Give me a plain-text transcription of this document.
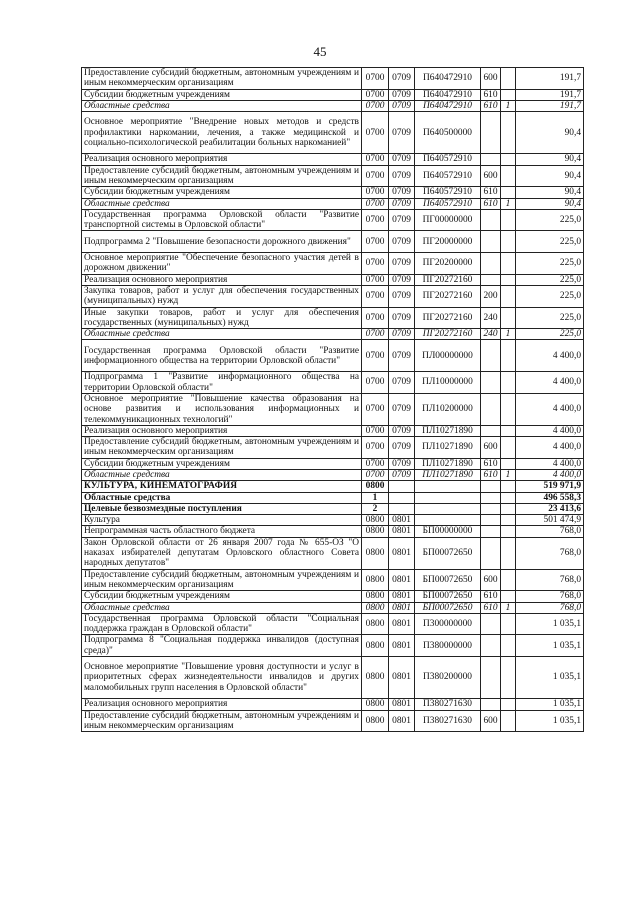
45
Предоставление субсидий бюджетным, автономным учреждениям и иным некоммерческим организациям	0700	0709	П640472910	600		191,7
Субсидии бюджетным учреждениям	0700	0709	П640472910	610		191,7
Областные средства	0700	0709	П640472910	610	1	191,7
Основное мероприятие "Внедрение новых методов и средств профилактики наркомании, лечения, а также медицинской и социально-психологической реабилитации больных наркоманией"	0700	0709	П640500000			90,4
Реализация основного мероприятия	0700	0709	П640572910			90,4
Предоставление субсидий бюджетным, автономным учреждениям и иным некоммерческим организациям	0700	0709	П640572910	600		90,4
Субсидии бюджетным учреждениям	0700	0709	П640572910	610		90,4
Областные средства	0700	0709	П640572910	610	1	90,4
Государственная программа Орловской области "Развитие транспортной системы в Орловской области"	0700	0709	ПГ00000000			225,0
Подпрограмма 2 "Повышение безопасности дорожного движения"	0700	0709	ПГ20000000			225,0
Основное мероприятие "Обеспечение безопасного участия детей в дорожном движении"	0700	0709	ПГ20200000			225,0
Реализация основного мероприятия	0700	0709	ПГ20272160			225,0
Закупка товаров, работ и услуг для обеспечения государственных (муниципальных) нужд	0700	0709	ПГ20272160	200		225,0
Иные закупки товаров, работ и услуг для обеспечения государственных (муниципальных) нужд	0700	0709	ПГ20272160	240		225,0
Областные средства	0700	0709	ПГ20272160	240	1	225,0
Государственная программа Орловской области "Развитие информационного общества на территории Орловской области"	0700	0709	ПЛ00000000			4 400,0
Подпрограмма 1 "Развитие информационного общества на территории Орловской области"	0700	0709	ПЛ10000000			4 400,0
Основное мероприятие "Повышение качества образования на основе развития и использования информационных и телекоммуникационных технологий"	0700	0709	ПЛ10200000			4 400,0
Реализация основного мероприятия	0700	0709	ПЛ10271890			4 400,0
Предоставление субсидий бюджетным, автономным учреждениям и иным некоммерческим организациям	0700	0709	ПЛ10271890	600		4 400,0
Субсидии бюджетным учреждениям	0700	0709	ПЛ10271890	610		4 400,0
Областные средства	0700	0709	ПЛ10271890	610	1	4 400,0
КУЛЬТУРА, КИНЕМАТОГРАФИЯ	0800					519 971,9
Областные средства	1					496 558,3
Целевые безвозмездные поступления	2					23 413,6
Культура	0800	0801				501 474,9
Непрограммная часть областного бюджета	0800	0801	БП00000000			768,0
Закон Орловской области от 26 января 2007 года № 655-ОЗ "О наказах избирателей депутатам Орловского областного Совета народных депутатов"	0800	0801	БП00072650			768,0
Предоставление субсидий бюджетным, автономным учреждениям и иным некоммерческим организациям	0800	0801	БП00072650	600		768,0
Субсидии бюджетным учреждениям	0800	0801	БП00072650	610		768,0
Областные средства	0800	0801	БП00072650	610	1	768,0
Государственная программа Орловской области "Социальная поддержка граждан в Орловской области"	0800	0801	П300000000			1 035,1
Подпрограмма 8 "Социальная поддержка инвалидов (доступная среда)"	0800	0801	П380000000			1 035,1
Основное мероприятие "Повышение уровня доступности и услуг в приоритетных сферах жизнедеятельности инвалидов и других маломобильных групп населения в Орловской области"	0800	0801	П380200000			1 035,1
Реализация основного мероприятия	0800	0801	П380271630			1 035,1
Предоставление субсидий бюджетным, автономным учреждениям и иным некоммерческим организациям	0800	0801	П380271630	600		1 035,1
